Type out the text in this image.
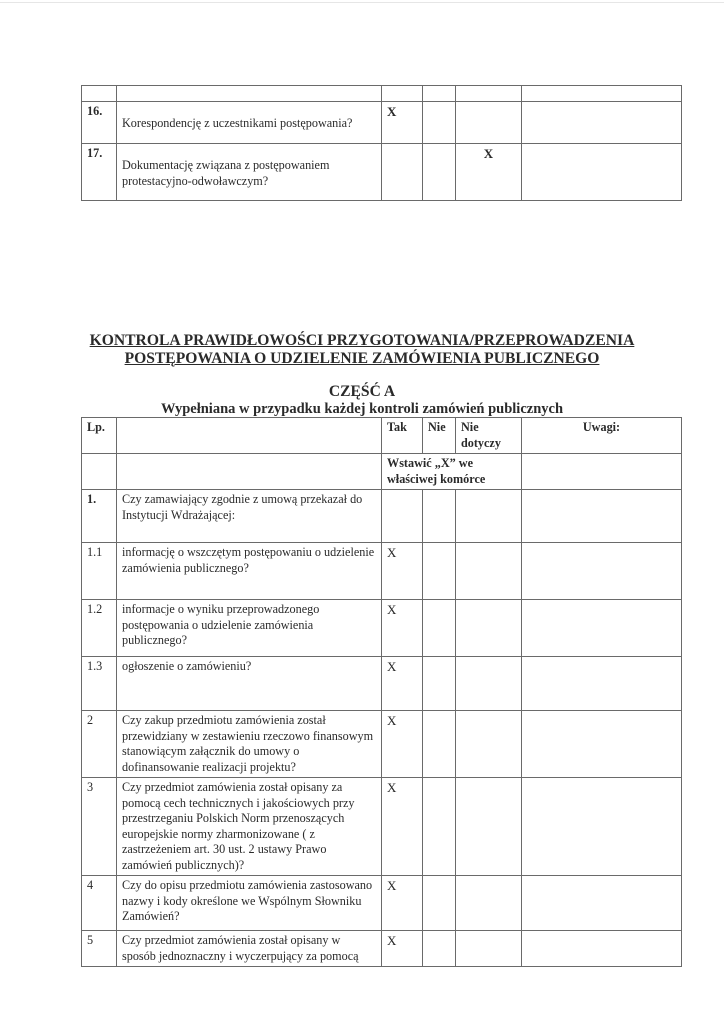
16.	Korespondencję z uczestnikami postępowania?	X			
17.	Dokumentację związana z postępowaniem protestacyjno-odwoławczym?			X	
KONTROLA PRAWIDŁOWOŚCI PRZYGOTOWANIA/PRZEPROWADZENIA
POSTĘPOWANIA O UDZIELENIE ZAMÓWIENIA PUBLICZNEGO
CZĘŚĆ A
Wypełniana w przypadku każdej kontroli zamówień publicznych
Lp.		Tak	Nie	Nie dotyczy	Uwagi:
		Wstawić „X” we właściwej komórce			
1.	Czy zamawiający zgodnie z umową przekazał do Instytucji Wdrażającej:				
1.1	informację o wszczętym postępowaniu o udzielenie zamówienia publicznego?	X			
1.2	informacje o wyniku przeprowadzonego postępowania o udzielenie zamówienia publicznego?	X			
1.3	ogłoszenie o zamówieniu?	X			
2	Czy zakup przedmiotu zamówienia został przewidziany w zestawieniu rzeczowo finansowym stanowiącym załącznik do umowy o dofinansowanie realizacji projektu?	X			
3	Czy przedmiot zamówienia został opisany za pomocą cech technicznych i jakościowych przy przestrzeganiu Polskich Norm przenoszących europejskie normy zharmonizowane ( z zastrzeżeniem art. 30 ust. 2 ustawy Prawo zamówień publicznych)?	X			
4	Czy do opisu przedmiotu zamówienia zastosowano nazwy i kody określone we Wspólnym Słowniku Zamówień?	X			
5	Czy przedmiot zamówienia został opisany w sposób jednoznaczny i wyczerpujący za pomocą	X			
